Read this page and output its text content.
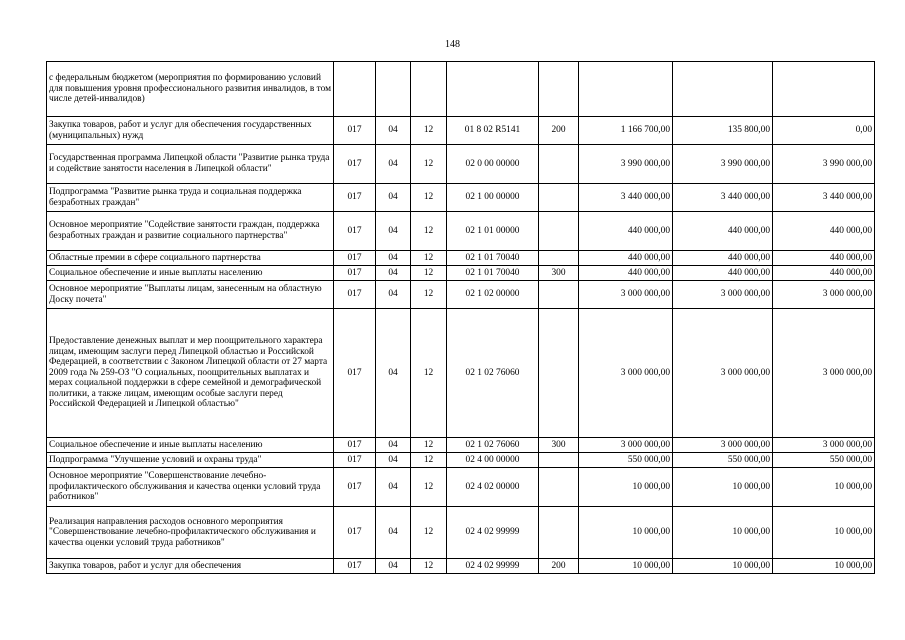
148
с федеральным бюджетом (мероприятия по формированию условий для повышения уровня профессионального развития инвалидов, в том числе детей-инвалидов)								
Закупка товаров, работ и услуг для обеспечения государственных (муниципальных) нужд	017	04	12	01 8 02 R5141	200	1 166 700,00	135 800,00	0,00
Государственная программа Липецкой области "Развитие рынка труда и содействие занятости населения в Липецкой области"	017	04	12	02 0 00 00000		3 990 000,00	3 990 000,00	3 990 000,00
Подпрограмма "Развитие рынка труда и социальная поддержка безработных граждан"	017	04	12	02 1 00 00000		3 440 000,00	3 440 000,00	3 440 000,00
Основное мероприятие "Содействие занятости граждан, поддержка безработных граждан и развитие социального партнерства"	017	04	12	02 1 01 00000		440 000,00	440 000,00	440 000,00
Областные премии в сфере социального партнерства	017	04	12	02 1 01 70040		440 000,00	440 000,00	440 000,00
Социальное обеспечение и иные выплаты населению	017	04	12	02 1 01 70040	300	440 000,00	440 000,00	440 000,00
Основное мероприятие "Выплаты лицам, занесенным на областную Доску почета"	017	04	12	02 1 02 00000		3 000 000,00	3 000 000,00	3 000 000,00
Предоставление денежных выплат и мер поощрительного характера лицам, имеющим заслуги перед Липецкой областью и Российской Федерацией, в соответствии с Законом Липецкой области от 27 марта 2009 года № 259-ОЗ "О социальных, поощрительных выплатах и мерах социальной поддержки в сфере семейной и демографической политики, а также лицам, имеющим особые заслуги перед Российской Федерацией и Липецкой областью"	017	04	12	02 1 02 76060		3 000 000,00	3 000 000,00	3 000 000,00
Социальное обеспечение и иные выплаты населению	017	04	12	02 1 02 76060	300	3 000 000,00	3 000 000,00	3 000 000,00
Подпрограмма "Улучшение условий и охраны труда"	017	04	12	02 4 00 00000		550 000,00	550 000,00	550 000,00
Основное мероприятие "Совершенствование лечебно-профилактического обслуживания и качества оценки условий труда работников"	017	04	12	02 4 02 00000		10 000,00	10 000,00	10 000,00
Реализация направления расходов основного мероприятия "Совершенствование лечебно-профилактического обслуживания и качества оценки условий труда работников"	017	04	12	02 4 02 99999		10 000,00	10 000,00	10 000,00
Закупка товаров, работ и услуг для обеспечения	017	04	12	02 4 02 99999	200	10 000,00	10 000,00	10 000,00
